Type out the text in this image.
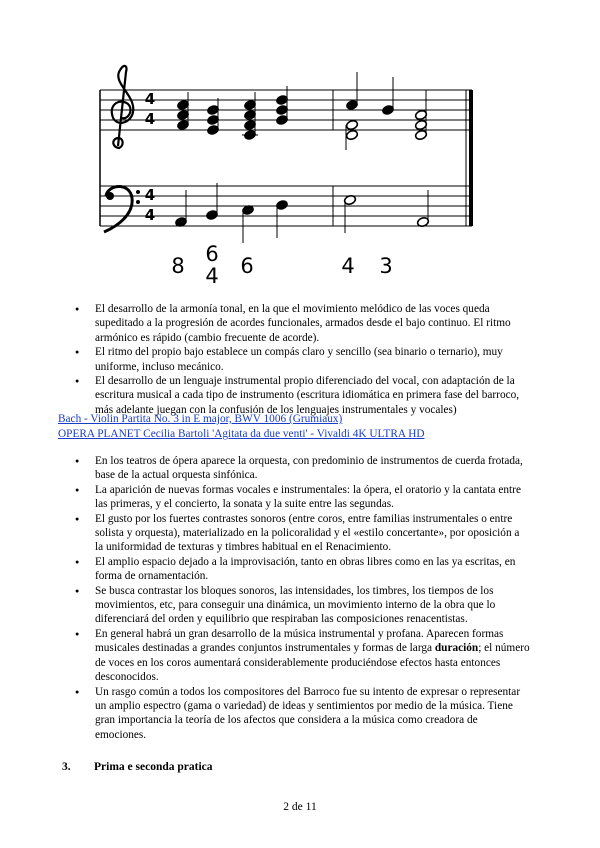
4
4
4
4
8 6
4 6	4 3
● El desarrollo de la armonía tonal, en la que el movimiento melódico de las voces queda supeditado a la progresión de acordes funcionales, armados desde el bajo continuo. El ritmo armónico es rápido (cambio frecuente de acorde).
● El ritmo del propio bajo establece un compás claro y sencillo (sea binario o ternario), muy uniforme, incluso mecánico.
● El desarrollo de un lenguaje instrumental propio diferenciado del vocal, con adaptación de la escritura musical a cada tipo de instrumento (escritura idiomática en primera fase del barroco, más adelante juegan con la confusión de los lenguajes instrumentales y vocales)
Bach - Violin Partita No. 3 in E major, BWV 1006 (Grumiaux)
OPERA PLANET Cecilia Bartoli 'Agitata da due venti' - Vivaldi 4K ULTRA HD
● En los teatros de ópera aparece la orquesta, con predominio de instrumentos de cuerda frotada, base de la actual orquesta sinfónica.
● La aparición de nuevas formas vocales e instrumentales: la ópera, el oratorio y la cantata entre las primeras, y el concierto, la sonata y la suite entre las segundas.
● El gusto por los fuertes contrastes sonoros (entre coros, entre familias instrumentales o entre solista y orquesta), materializado en la policoralidad y el «estilo concertante», por oposición a la uniformidad de texturas y timbres habitual en el Renacimiento.
● El amplio espacio dejado a la improvisación, tanto en obras libres como en las ya escritas, en forma de ornamentación.
● Se busca contrastar los bloques sonoros, las intensidades, los timbres, los tiempos de los movimientos, etc, para conseguir una dinámica, un movimiento interno de la obra que lo diferenciará del orden y equilibrio que respiraban las composiciones renacentistas.
● En general habrá un gran desarrollo de la música instrumental y profana. Aparecen formas musicales destinadas a grandes conjuntos instrumentales y formas de larga duración; el número de voces en los coros aumentará considerablemente produciéndose efectos hasta entonces desconocidos.
● Un rasgo común a todos los compositores del Barroco fue su intento de expresar o representar un amplio espectro (gama o variedad) de ideas y sentimientos por medio de la música. Tiene gran importancia la teoría de los afectos que considera a la música como creadora de emociones.
3. Prima e seconda pratica
2 de 11
